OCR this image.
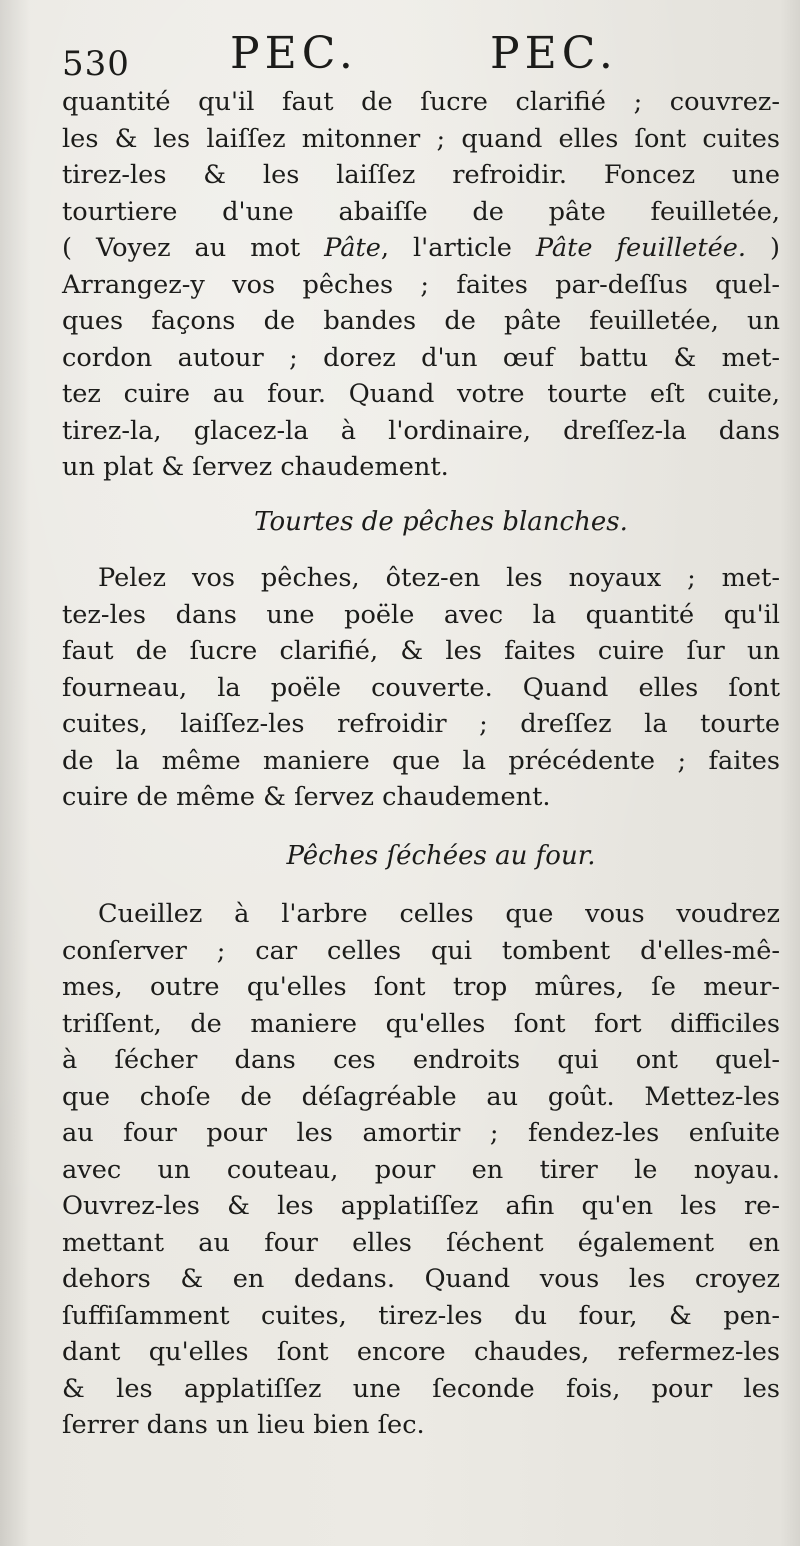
530 PEC.	PEC.
quantité qu'il faut de ſucre clarifié ; couvrez-
les & les laiſſez mitonner ; quand elles ſont cuites
tirez-les & les laiſſez refroidir. Foncez une
tourtiere d'une abaiſſe de pâte feuilletée,
( Voyez au mot Pâte, l'article Pâte feuilletée. )
Arrangez-y vos pêches ; faites par-deſſus quel-
ques façons de bandes de pâte feuilletée, un
cordon autour ; dorez d'un œuf battu & met-
tez cuire au four. Quand votre tourte eſt cuite,
tirez-la, glacez-la à l'ordinaire, dreſſez-la dans
un plat & ſervez chaudement.
Tourtes de pêches blanches.
Pelez vos pêches, ôtez-en les noyaux ; met-
tez-les dans une poële avec la quantité qu'il
faut de ſucre clarifié, & les faites cuire ſur un
fourneau, la poële couverte. Quand elles ſont
cuites, laiſſez-les refroidir ; dreſſez la tourte
de la même maniere que la précédente ; faites
cuire de même & ſervez chaudement.
Pêches ſéchées au four.
Cueillez à l'arbre celles que vous voudrez
conſerver ; car celles qui tombent d'elles-mê-
mes, outre qu'elles ſont trop mûres, ſe meur-
triſſent, de maniere qu'elles ſont fort difficiles
à ſécher dans ces endroits qui ont quel-
que choſe de déſagréable au goût. Mettez-les
au four pour les amortir ; fendez-les enſuite
avec un couteau, pour en tirer le noyau.
Ouvrez-les & les applatiſſez afin qu'en les re-
mettant au four elles ſéchent également en
dehors & en dedans. Quand vous les croyez
ſuffiſamment cuites, tirez-les du four, & pen-
dant qu'elles ſont encore chaudes, refermez-les
& les applatiſſez une ſeconde fois, pour les
ſerrer dans un lieu bien ſec.
